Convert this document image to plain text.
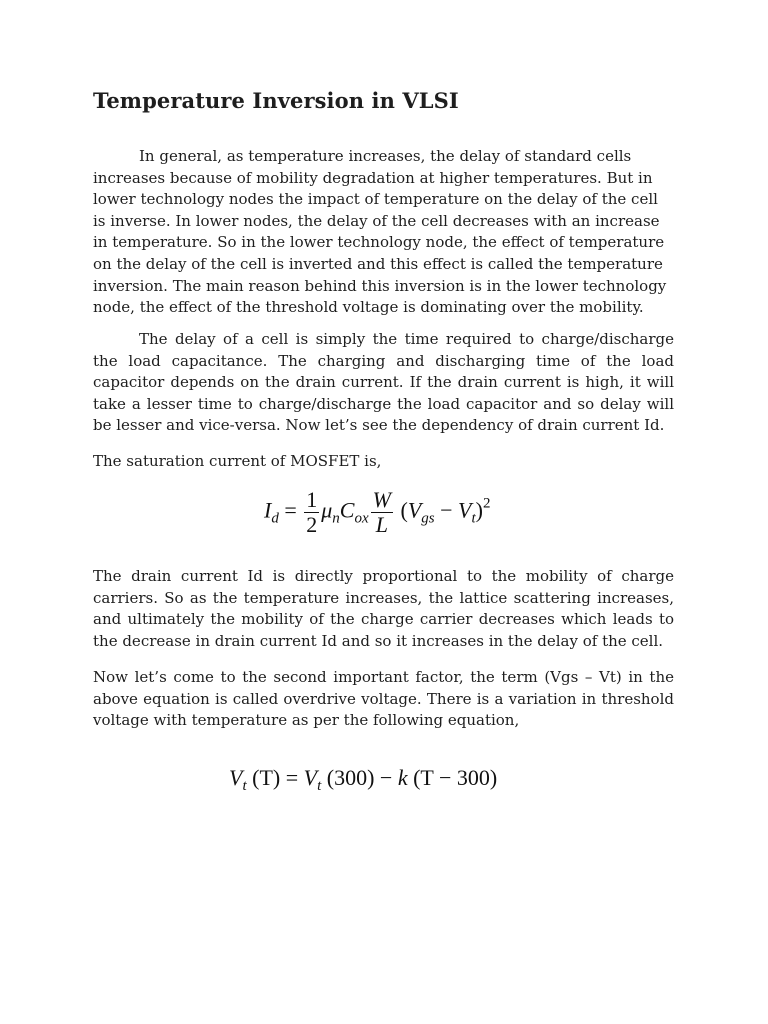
Temperature Inversion in VLSI

In general, as temperature increases, the delay of standard cells increases because of mobility degradation at higher temperatures. But in lower technology nodes the impact of temperature on the delay of the cell is inverse. In lower nodes, the delay of the cell decreases with an increase in temperature. So in the lower technology node, the effect of temperature on the delay of the cell is inverted and this effect is called the temperature inversion. The main reason behind this inversion is in the lower technology node, the effect of the threshold voltage is dominating over the mobility.

The delay of a cell is simply the time required to charge/discharge the load capacitance. The charging and discharging time of the load capacitor depends on the drain current. If the drain current is high, it will take a lesser time to charge/discharge the load capacitor and so delay will be lesser and vice-versa. Now let’s see the dependency of drain current Id.

The saturation current of MOSFET is,

$I_d = \frac{1}{2} \mu_nC_{ox} \frac{W}{L} (V_{gs} - V_t)^2$

The drain current Id is directly proportional to the mobility of charge carriers. So as the temperature increases, the lattice scattering increases, and ultimately the mobility of the charge carrier decreases which leads to the decrease in drain current Id and so it increases in the delay of the cell.

Now let’s come to the second important factor, the term (Vgs – Vt) in the above equation is called overdrive voltage. There is a variation in threshold voltage with temperature as per the following equation,

$V_t$ $(T) = V_t$ (300) − k (T − 300)
